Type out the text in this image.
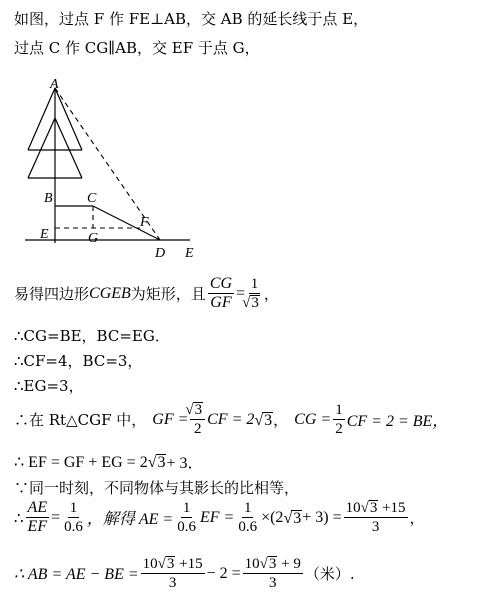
如图，过点 F 作 FE⊥AB，交 AB 的延长线于点 E，
过点 C 作 CG∥AB，交 EF 于点 G，
A
B C
E	G
F
D E
易得四边形 CGEB 为矩形，且 $\frac{CG}{GF} = 1$
√ 3 ，
∴CG=BE，BC=EG．
∴CF=4，BC=3，
∴EG=3，
∴在 Rt△CGF 中， GF = √ $\frac{3}{2}$ CF = 2 √ 3 ， CG = $\frac{1}{2}$ CF = 2 = BE，
∴ EF = GF + EG = 2 √ 3 + 3．
∵同一时刻，不同物体与其影长的比相等，
∴ $\frac{AE}{EF} = \frac{1}{0.6}$ ，解得 AE = $\frac{1}{0.6}$ EF = $\frac{1}{0.6} \times(2$ √ $3 + 3) = \frac{10 √ 3 +15}{3}$ ，
∴ AB = AE − BE = $\frac{10 √ 3 +15}{3} - 2 = \frac{10 √ 3 + 9}{3}$ （米）.
